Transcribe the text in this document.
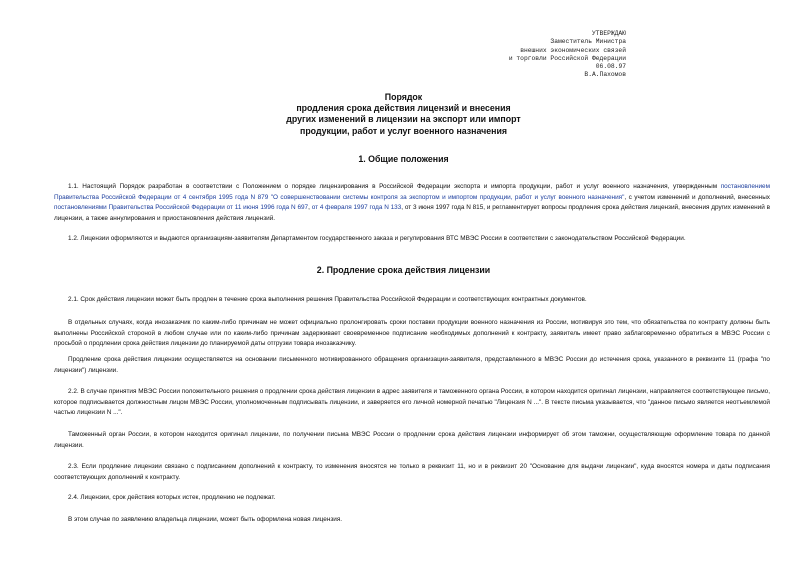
УТВЕРЖДАЮ
Заместитель Министра
внешних экономических связей
и торговли Российской Федерации
06.08.97
В.А.Пахомов
Порядок
продления срока действия лицензий и внесения
других изменений в лицензии на экспорт или импорт
продукции, работ и услуг военного назначения
1. Общие положения
1.1. Настоящий Порядок разработан в соответствии с Положением о порядке лицензирования в Российской Федерации экспорта и импорта продукции, работ и услуг военного назначения, утвержденным постановлением Правительства Российской Федерации от 4 сентября 1995 года N 879 "О совершенствовании системы контроля за экспортом и импортом продукции, работ и услуг военного назначения", с учетом изменений и дополнений, внесенных постановлениями Правительства Российской Федерации от 11 июня 1996 года N 697, от 4 февраля 1997 года N 133, от 3 июня 1997 года N 815, и регламентирует вопросы продления срока действия лицензий, внесения других изменений в лицензии, а также аннулирования и приостановления действия лицензий.
1.2. Лицензии оформляются и выдаются организациям-заявителям Департаментом государственного заказа и регулирования ВТС МВЭС России в соответствии с законодательством Российской Федерации.
2. Продление срока действия лицензии
2.1. Срок действия лицензии может быть продлен в течение срока выполнения решения Правительства Российской Федерации и соответствующих контрактных документов.
В отдельных случаях, когда инозаказчик по каким-либо причинам не может официально пролонгировать сроки поставки продукции военного назначения из России, мотивируя это тем, что обязательства по контракту должны быть выполнены Российской стороной в любом случае или по каким-либо причинам задерживает своевременное подписание необходимых дополнений к контракту, заявитель имеет право заблаговременно обратиться в МВЭС России с просьбой о продлении срока действия лицензии до планируемой даты отгрузки товара инозаказчику.
Продление срока действия лицензии осуществляется на основании письменного мотивированного обращения организации-заявителя, представленного в МВЭС России до истечения срока, указанного в реквизите 11 (графа "по лицензии") лицензии.
2.2. В случае принятия МВЭС России положительного решения о продлении срока действия лицензии в адрес заявителя и таможенного органа России, в котором находится оригинал лицензии, направляется соответствующее письмо, которое подписывается должностным лицом МВЭС России, уполномоченным подписывать лицензии, и заверяется его личной номерной печатью "Лицензия N ...". В тексте письма указывается, что "данное письмо является неотъемлемой частью лицензии N ...".
Таможенный орган России, в котором находится оригинал лицензии, по получении письма МВЭС России о продлении срока действия лицензии информирует об этом таможни, осуществляющие оформление товара по данной лицензии.
2.3. Если продление лицензии связано с подписанием дополнений к контракту, то изменения вносятся не только в реквизит 11, но и в реквизит 20 "Основание для выдачи лицензии", куда вносятся номера и даты подписания соответствующих дополнений к контракту.
2.4. Лицензии, срок действия которых истек, продлению не подлежат.
В этом случае по заявлению владельца лицензии, может быть оформлена новая лицензия.
